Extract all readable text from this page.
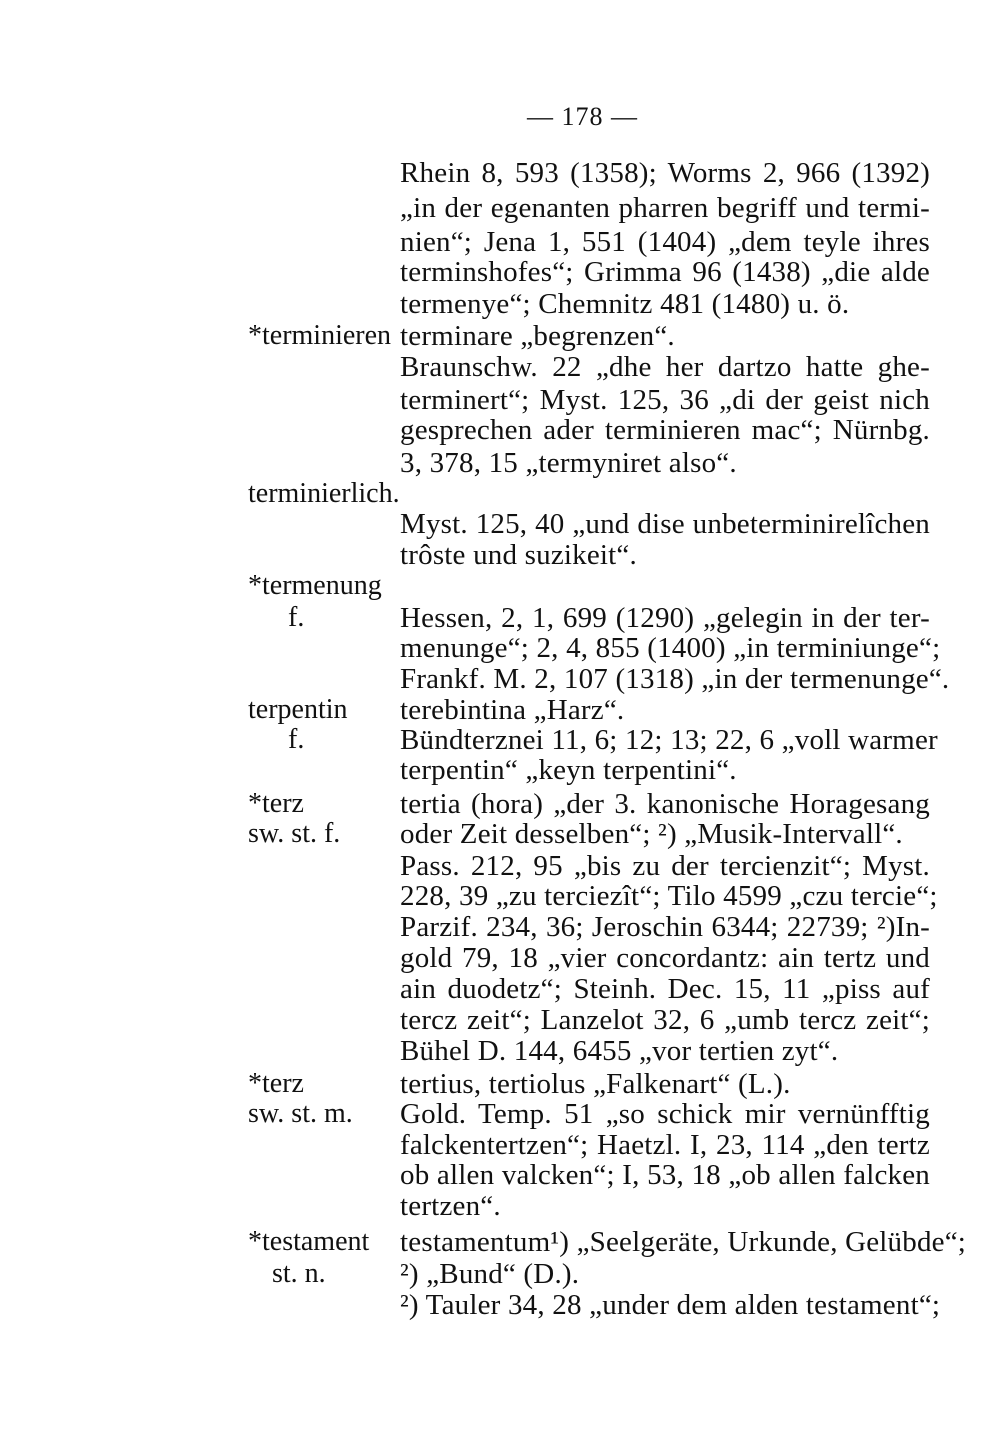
— 178 —
Rhein 8, 593 (1358); Worms 2, 966 (1392)
„in der egenanten pharren begriff und termi-
nien“; Jena 1, 551 (1404) „dem teyle ihres
terminshofes“; Grimma 96 (1438) „die alde
termenye“; Chemnitz 481 (1480) u. ö.
*terminieren terminare „begrenzen“.
Braunschw. 22 „dhe her dartzo hatte ghe-
terminert“; Myst. 125, 36 „di der geist nich
gesprechen ader terminieren mac“; Nürnbg.
3, 378, 15 „termyniret also“.
terminierlich.
Myst. 125, 40 „und dise unbeterminirelîchen
trôste und suzikeit“.
*termenung
f.	Hessen, 2, 1, 699 (1290) „gelegin in der ter-
menunge“; 2, 4, 855 (1400) „in terminiunge“;
Frankf. M. 2, 107 (1318) „in der termenunge“.
terpentin
f.
terebintina „Harz“.
Bündterznei 11, 6; 12; 13; 22, 6 „voll warmer
terpentin“ „keyn terpentini“.
*terz
sw. st. f.
tertia (hora) „der 3. kanonische Horagesang
oder Zeit desselben“; ²) „Musik-Intervall“.
Pass. 212, 95 „bis zu der tercienzit“; Myst.
228, 39 „zu terciezît“; Tilo 4599 „czu tercie“;
Parzif. 234, 36; Jeroschin 6344; 22739; ²)In-
gold 79, 18 „vier concordantz: ain tertz und
ain duodetz“; Steinh. Dec. 15, 11 „piss auf
tercz zeit“; Lanzelot 32, 6 „umb tercz zeit“;
Bühel D. 144, 6455 „vor tertien zyt“.
*terz
sw. st. m.
tertius, tertiolus „Falkenart“ (L.).
Gold. Temp. 51 „so schick mir vernünfftig
falckentertzen“; Haetzl. I, 23, 114 „den tertz
ob allen valcken“; I, 53, 18 „ob allen falcken
tertzen“.
*testament
st. n.
testamentum¹) „Seelgeräte, Urkunde, Gelübde“;
²) „Bund“ (D.).
²) Tauler 34, 28 „under dem alden testament“;
